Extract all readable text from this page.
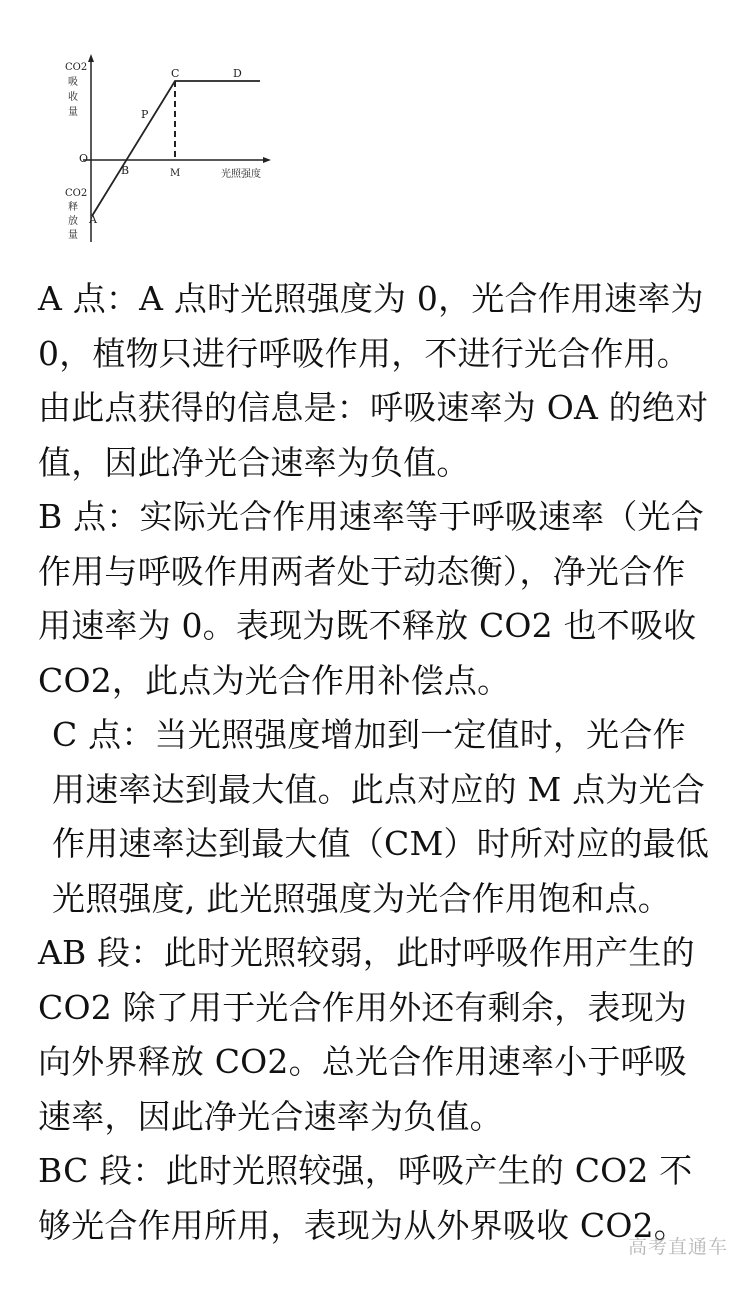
CO2
吸
收
量
CO2
释
放
量
光照强度
O
A
B
C	D
P
M

A 点：A 点时光照强度为 0，光合作用速率为 0，植物只进行呼吸作用，不进行光合作用。由此点获得的信息是：呼吸速率为 OA 的绝对值，因此净光合速率为负值。

B 点：实际光合作用速率等于呼吸速率（光合作用与呼吸作用两者处于动态衡），净光合作用速率为 0。表现为既不释放 CO2 也不吸收 CO2，此点为光合作用补偿点。

C 点：当光照强度增加到一定值时，光合作用速率达到最大值。此点对应的 M 点为光合作用速率达到最大值（CM）时所对应的最低光照强度, 此光照强度为光合作用饱和点。

AB 段：此时光照较弱，此时呼吸作用产生的 CO2 除了用于光合作用外还有剩余，表现为向外界释放 CO2。总光合作用速率小于呼吸速率，因此净光合速率为负值。

BC 段：此时光照较强，呼吸产生的 CO2 不够光合作用所用，表现为从外界吸收 CO2。

高考直通车
